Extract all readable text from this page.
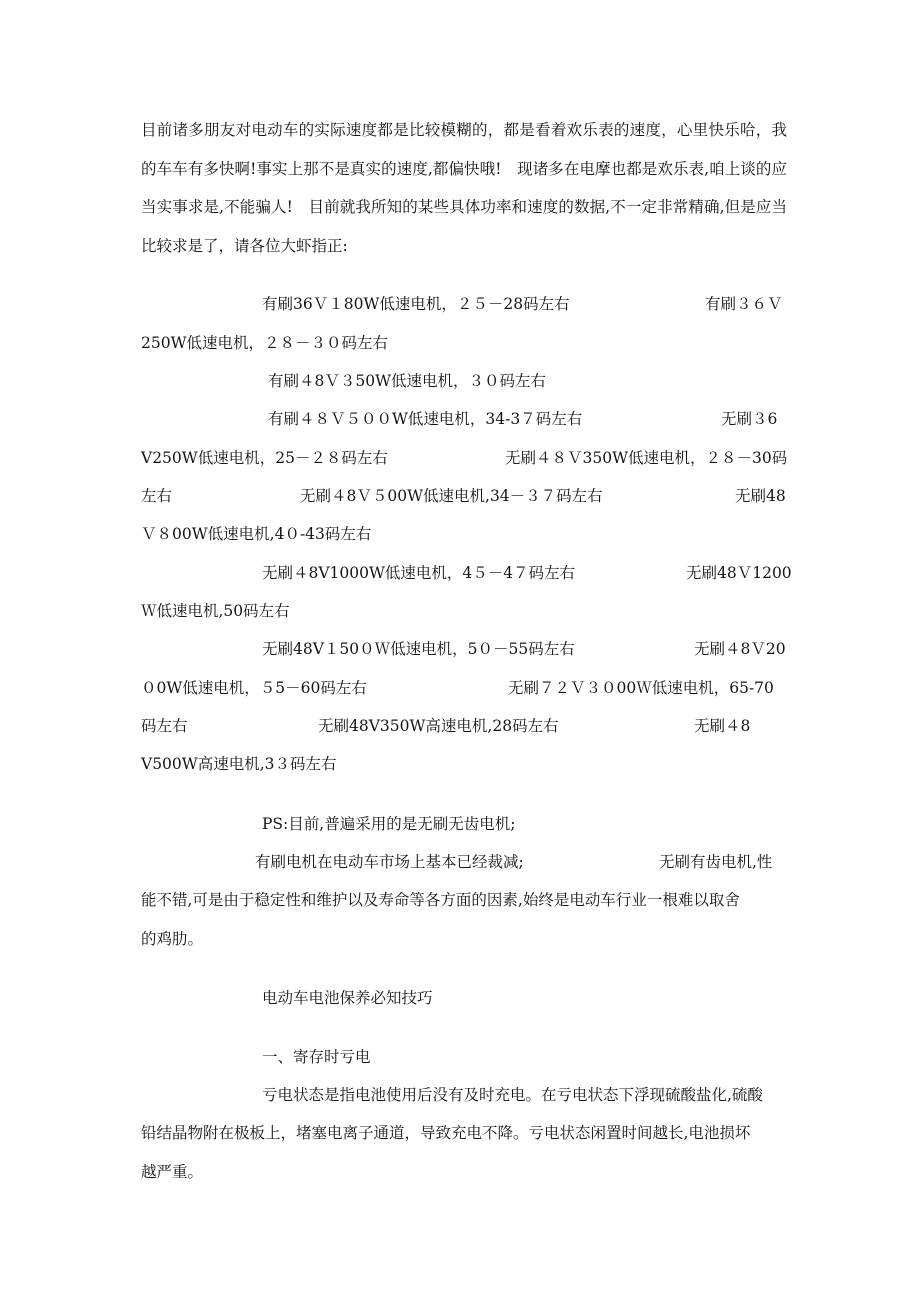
目前诸多朋友对电动车的实际速度都是比较模糊的，都是看着欢乐表的速度，心里快乐哈，我的车车有多快啊!事实上那不是真实的速度,都偏快哦!　现诸多在电摩也都是欢乐表,咱上谈的应当实事求是,不能骗人!　目前就我所知的某些具体功率和速度的数据,不一定非常精确,但是应当比较求是了，请各位大虾指正:
有刷36Ｖ１80W低速电机，２５－28码左右﻿	有刷３６Ｖ
250W低速电机，２８－３０码左右
有刷４8Ｖ３50W低速电机，３０码左右
有刷４８Ｖ５００W低速电机，34-3７码左右﻿	无刷３6
V250W低速电机，25－２８码左右﻿	无刷４８Ｖ350W低速电机，２８－30码
左右﻿	无刷４8Ｖ５00W低速电机,34－３７码左右﻿	无刷48
Ｖ８00W低速电机,4０-43码左右
无刷４8V1000W低速电机，4５－4７码左右﻿	无刷48Ｖ1200
Ｗ低速电机,50码左右
无刷48V１50０Ｗ低速电机，5０－55码左右﻿	无刷４8Ｖ20
０0W低速电机，５5－60码左右﻿	无刷７２Ｖ３０00Ｗ低速电机，65-70
码左右﻿	无刷48V350W高速电机,28码左右﻿	无刷４8
V500W高速电机,3３码左右
PS:目前,普遍采用的是无刷无齿电机;
有刷电机在电动车市场上基本已经裁减;﻿	无刷有齿电机,性
能不错,可是由于稳定性和维护以及寿命等各方面的因素,始终是电动车行业一根难以取舍
的鸡肋。
电动车电池保养必知技巧
一、寄存时亏电
亏电状态是指电池使用后没有及时充电。在亏电状态下浮现硫酸盐化,硫酸
铅结晶物附在极板上，堵塞电离子通道，导致充电不降。亏电状态闲置时间越长,电池损坏
越严重。
